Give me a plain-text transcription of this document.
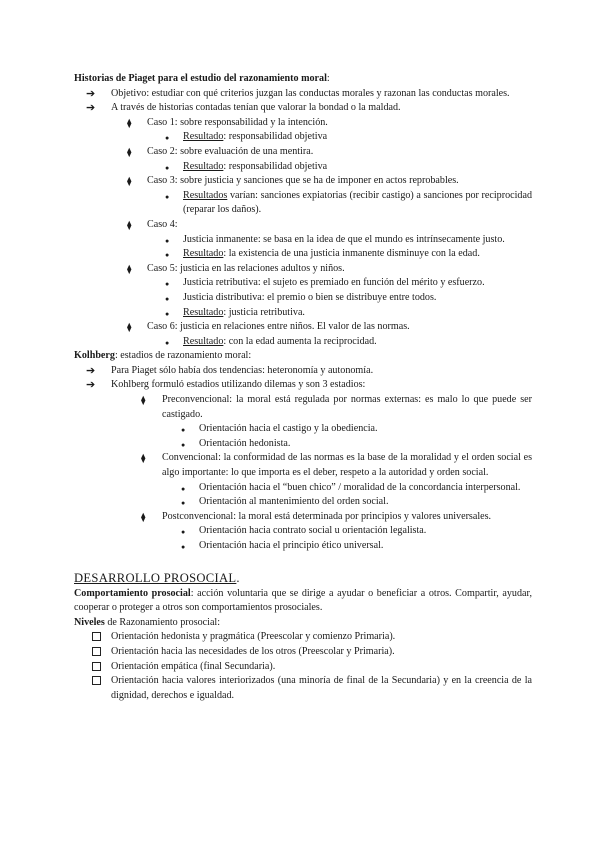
Historias de Piaget para el estudio del razonamiento moral:
➔ Objetivo: estudiar con qué criterios juzgan las conductas morales y razonan las conductas morales.
➔ A través de historias contadas tenían que valorar la bondad o la maldad.
⧫ Caso 1: sobre responsabilidad y la intención.
● Resultado: responsabilidad objetiva
⧫ Caso 2: sobre evaluación de una mentira.
● Resultado: responsabilidad objetiva
⧫ Caso 3: sobre justicia y sanciones que se ha de imponer en actos reprobables.
● Resultados varían: sanciones expiatorias (recibir castigo) a sanciones por reciprocidad (reparar los daños).
⧫ Caso 4:
● Justicia inmanente: se basa en la idea de que el mundo es intrínsecamente justo.
● Resultado: la existencia de una justicia inmanente disminuye con la edad.
⧫ Caso 5: justicia en las relaciones adultos y niños.
● Justicia retributiva: el sujeto es premiado en función del mérito y esfuerzo.
● Justicia distributiva: el premio o bien se distribuye entre todos.
● Resultado: justicia retributiva.
⧫ Caso 6: justicia en relaciones entre niños. El valor de las normas.
● Resultado: con la edad aumenta la reciprocidad.
Kolhberg: estadios de razonamiento moral:
➔ Para Piaget sólo había dos tendencias: heteronomía y autonomía.
➔ Kohlberg formuló estadios utilizando dilemas y son 3 estadios:
⧫ Preconvencional: la moral está regulada por normas externas: es malo lo que puede ser castigado.
● Orientación hacia el castigo y la obediencia.
● Orientación hedonista.
⧫ Convencional: la conformidad de las normas es la base de la moralidad y el orden social es algo importante: lo que importa es el deber, respeto a la autoridad y orden social.
● Orientación hacia el “buen chico” / moralidad de la concordancia interpersonal.
● Orientación al mantenimiento del orden social.
⧫ Postconvencional: la moral está determinada por principios y valores universales.
● Orientación hacia contrato social u orientación legalista.
● Orientación hacia el principio ético universal.
DESARROLLO PROSOCIAL.
Comportamiento prosocial: acción voluntaria que se dirige a ayudar o beneficiar a otros. Compartir, ayudar, cooperar o proteger a otros son comportamientos prosociales.
Niveles de Razonamiento prosocial:
Orientación hedonista y pragmática (Preescolar y comienzo Primaria).
Orientación hacia las necesidades de los otros (Preescolar y Primaria).
Orientación empática (final Secundaria).
Orientación hacia valores interiorizados (una minoría de final de la Secundaria) y en la creencia de la dignidad, derechos e igualdad.
